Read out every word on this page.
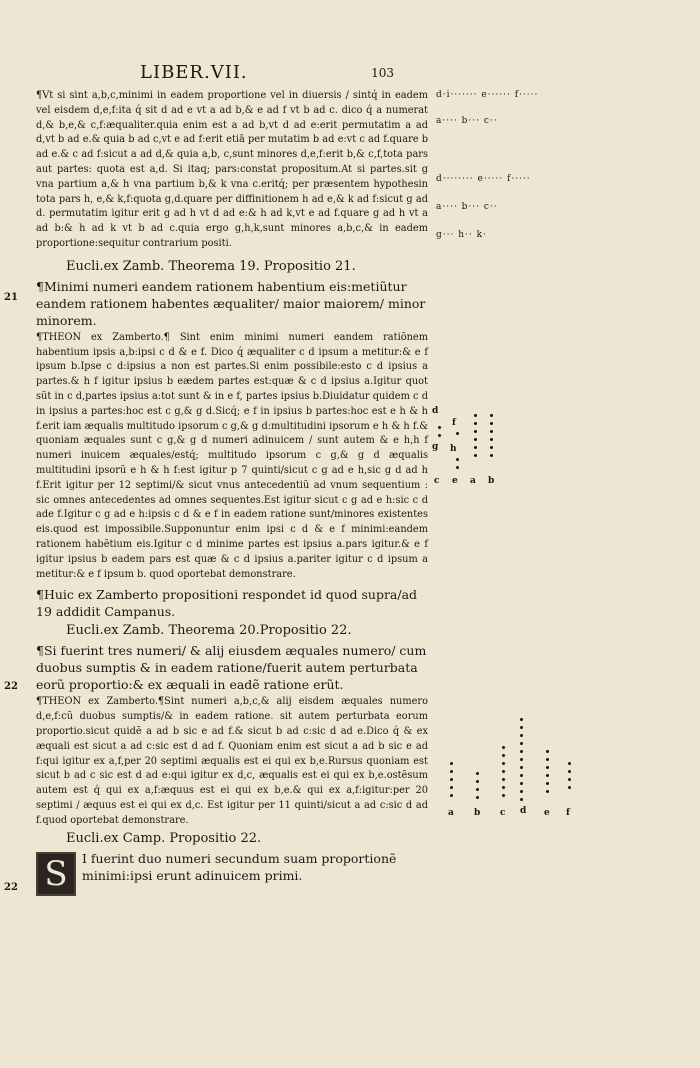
LIBER.VII.	103

¶Vt si sint a,b,c,minimi in eadem proportione vel in diuersis / sintq́ in eadem vel eisdem d,e,f:ita q́ sit d ad e vt a ad b,& e ad f vt b ad c. dico q́ a numerat d,& b,e,& c,f:æqualiter.quia enim est a ad b,vt d ad e:erit permutatim a ad d,vt b ad e.& quia b ad c,vt e ad f:erit etiā per mutatim b ad e:vt c ad f.quare b ad e.& c ad f:sicut a ad d,& quia a,b, c,sunt minores d,e,f:erit b,& c,f,tota pars aut partes: quota est a,d. Si itaq; pars:constat propositum.At si partes.sit g vna partium a,& h vna partium b,& k vna c.eritq́; per præsentem hypothesin tota pars h, e,& k,f:quota g,d.quare per diffinitionem h ad e,& k ad f:sicut g ad d. permutatim igitur erit g ad h vt d ad e:& h ad k,vt e ad f.quare g ad h vt a ad b:& h ad k vt b ad c.quia ergo g,h,k,sunt minores a,b,c,& in eadem proportione:sequitur contrarium positi.

Eucli.ex Zamb. Theorema 19. Propositio 21.

¶Minimi numeri eandem rationem habentium eis:metiũtur eandem rationem habentes æqualiter/ maior maiorem/ minor minorem.

¶THEON ex Zamberto.¶ Sint enim minimi numeri eandem ratiõnem habentium ipsis a,b:ipsi c d & e f. Dico q́ æqualiter c d ipsum a metitur:& e f ipsum b.Ipse c d:ipsius a non est partes.Si enim possibile:esto c d ipsius a partes.& h f igitur ipsius b eædem partes est:quæ & c d ipsius a.Igitur quot sũt in c d,partes ipsius a:tot sunt & in e f, partes ipsius b.Diuidatur quidem c d in ipsius a partes:hoc est c g,& g d.Sicq́; e f in ipsius b partes:hoc est e h & h f.erit iam æqualis multitudo ipsorum c g,& g d:multitudini ipsorum e h & h f.& quoniam æquales sunt c g,& g d numeri adinuicem / sunt autem & e h,h f numeri inuicem æquales/estq́; multitudo ipsorum c g,& g d æqualis multitudini ipsorũ e h & h f:est igitur p 7 quinti/sicut c g ad e h,sic g d ad h f.Erit igitur per 12 septimi/& sicut vnus antecedentiũ ad vnum sequentium : sic omnes antecedentes ad omnes sequentes.Est igitur sicut c g ad e h:sic c d ade f.Igitur c g ad e h:ipsis c d & e f in eadem ratione sunt/minores existentes eis.quod est impossibile.Supponuntur enim ipsi c d & e f minimi:eandem rationem habẽtium eis.Igitur c d minime partes est ipsius a.pars igitur.& e f igitur ipsius b eadem pars est quæ & c d ipsius a.pariter igitur c d ipsum a metitur:& e f ipsum b. quod oportebat demonstrare.

¶Huic ex Zamberto propositioni respondet id quod supra/ad 19 addidit Campanus.

Eucli.ex Zamb. Theorema 20.Propositio 22.

¶Si fuerint tres numeri/ & alij eiusdem æquales numero/ cum duobus sumptis & in eadem ratione/fuerit autem perturbata eorũ proportio:& ex æquali in eadẽ ratione erũt.

¶THEON ex Zamberto.¶Sint numeri a,b,c,& alij eisdem æquales numero d,e,f:cũ duobus sumptis/& in eadem ratione. sit autem perturbata eorum proportio.sicut quidẽ a ad b sic e ad f.& sicut b ad c:sic d ad e.Dico q́ & ex æquali est sicut a ad c:sic est d ad f. Quoniam enim est sicut a ad b sic e ad f:qui igitur ex a,f,per 20 septimi æqualis est ei qui ex b,e.Rursus quoniam est sicut b ad c sic est d ad e:qui igitur ex d,c, æqualis est ei qui ex b,e.ostẽsum autem est q́ qui ex a,f:æquus est ei qui ex b,e.& qui ex a,f:igitur:per 20 septimi / æquus est ei qui ex d,c. Est igitur per 11 quinti/sicut a ad c:sic d ad f.quod oportebat demonstrare.

Eucli.ex Camp. Propositio 22.

S	I fuerint duo numeri secundum suam proportionẽ minimi:ipsi erunt adinuicem primi.

21
22
22
d·i······· e······ f·····
a···· b··· c··
d········ e····· f·····
a···· b··· c··
g··· h·· k·
d
f
g h
c e a b
a b c d e f
